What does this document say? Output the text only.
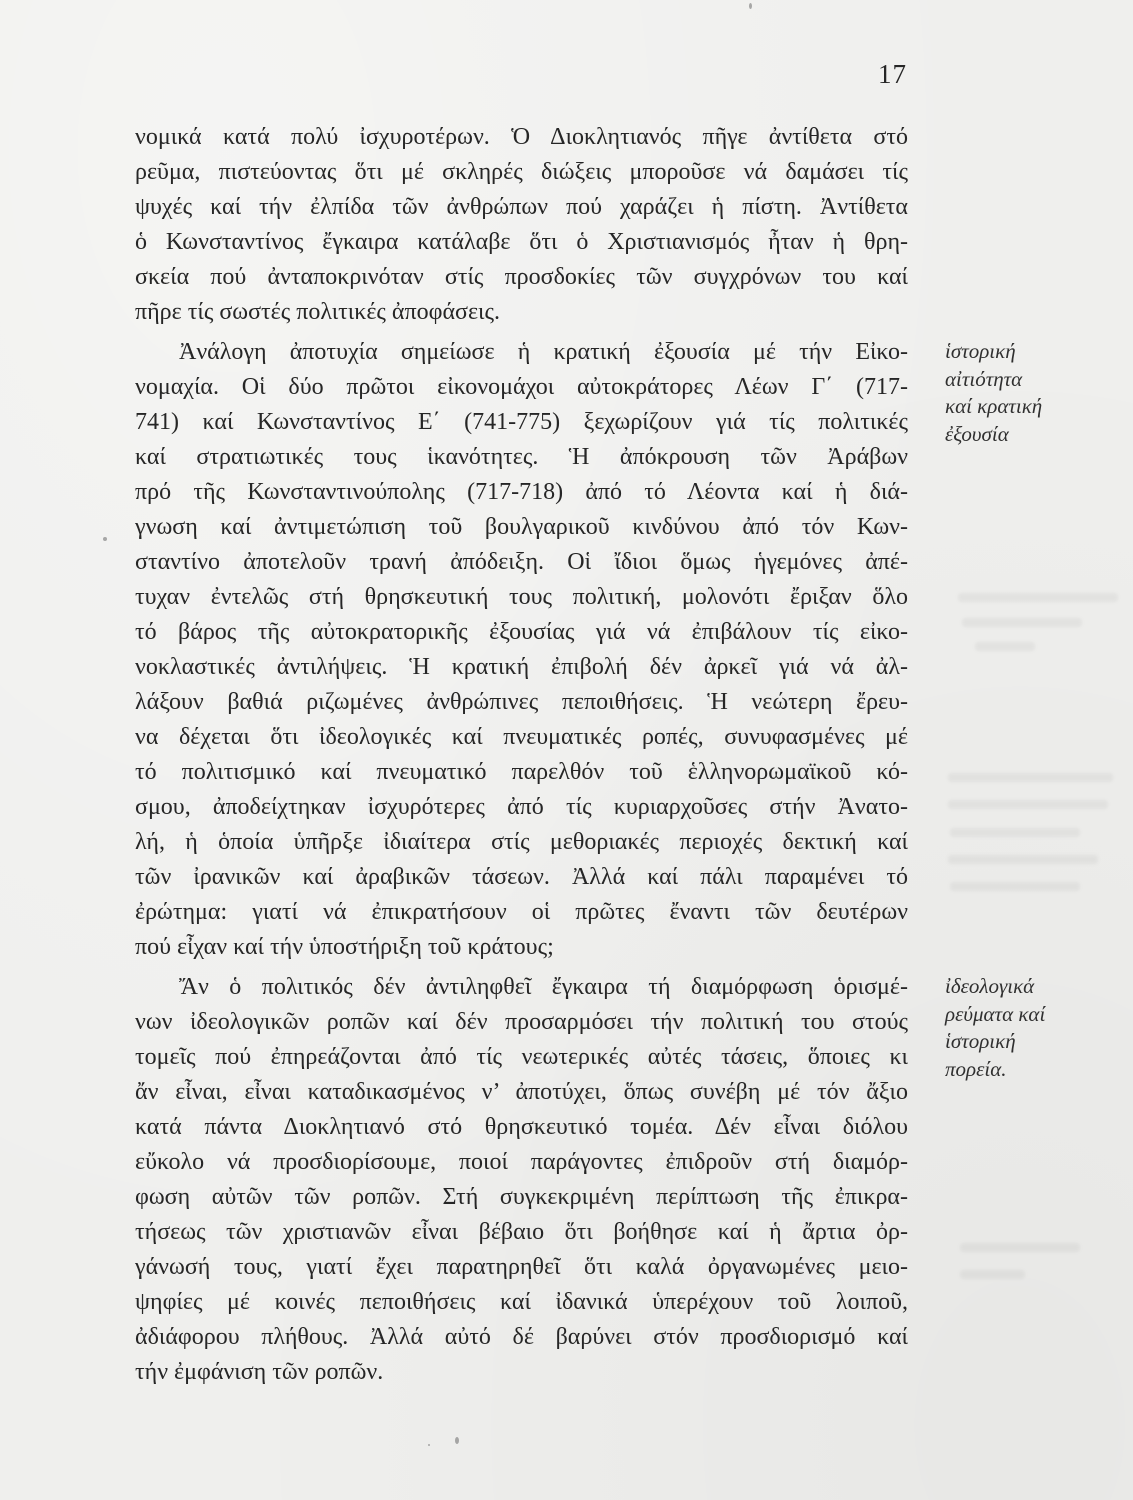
17
νομικά κατά πολύ ἰσχυροτέρων. Ὁ Διοκλητιανός πῆγε ἀντίθετα στό
ρεῦμα, πιστεύοντας ὅτι μέ σκληρές διώξεις μποροῦσε νά δαμάσει τίς
ψυχές καί τήν ἐλπίδα τῶν ἀνθρώπων πού χαράζει ἡ πίστη. Ἀντίθετα
ὁ Κωνσταντίνος ἔγκαιρα κατάλαβε ὅτι ὁ Χριστιανισμός ἦταν ἡ θρη-
σκεία πού ἀνταποκρινόταν στίς προσδοκίες τῶν συγχρόνων του καί
πῆρε τίς σωστές πολιτικές ἀποφάσεις.
Ἀνάλογη ἀποτυχία σημείωσε ἡ κρατική ἐξουσία μέ τήν Εἰκο-
νομαχία. Οἱ δύο πρῶτοι εἰκονομάχοι αὐτοκράτορες Λέων Γ΄ (717-
741) καί Κωνσταντίνος Ε΄ (741-775) ξεχωρίζουν γιά τίς πολιτικές
καί στρατιωτικές τους ἱκανότητες. Ἡ ἀπόκρουση τῶν Ἀράβων
πρό τῆς Κωνσταντινούπολης (717-718) ἀπό τό Λέοντα καί ἡ διά-
γνωση καί ἀντιμετώπιση τοῦ βουλγαρικοῦ κινδύνου ἀπό τόν Κων-
σταντίνο ἀποτελοῦν τρανή ἀπόδειξη. Οἱ ἴδιοι ὅμως ἡγεμόνες ἀπέ-
τυχαν ἐντελῶς στή θρησκευτική τους πολιτική, μολονότι ἔριξαν ὅλο
τό βάρος τῆς αὐτοκρατορικῆς ἐξουσίας γιά νά ἐπιβάλουν τίς εἰκο-
νοκλαστικές ἀντιλήψεις. Ἡ κρατική ἐπιβολή δέν ἀρκεῖ γιά νά ἀλ-
λάξουν βαθιά ριζωμένες ἀνθρώπινες πεποιθήσεις. Ἡ νεώτερη ἔρευ-
να δέχεται ὅτι ἰδεολογικές καί πνευματικές ροπές, συνυφασμένες μέ
τό πολιτισμικό καί πνευματικό παρελθόν τοῦ ἑλληνορωμαϊκοῦ κό-
σμου, ἀποδείχτηκαν ἰσχυρότερες ἀπό τίς κυριαρχοῦσες στήν Ἀνατο-
λή, ἡ ὁποία ὑπῆρξε ἰδιαίτερα στίς μεθοριακές περιοχές δεκτική καί
τῶν ἰρανικῶν καί ἀραβικῶν τάσεων. Ἀλλά καί πάλι παραμένει τό
ἐρώτημα: γιατί νά ἐπικρατήσουν οἱ πρῶτες ἔναντι τῶν δευτέρων
πού εἶχαν καί τήν ὑποστήριξη τοῦ κράτους;
Ἄν ὁ πολιτικός δέν ἀντιληφθεῖ ἔγκαιρα τή διαμόρφωση ὁρισμέ-
νων ἰδεολογικῶν ροπῶν καί δέν προσαρμόσει τήν πολιτική του στούς
τομεῖς πού ἐπηρεάζονται ἀπό τίς νεωτερικές αὐτές τάσεις, ὅποιες κι
ἄν εἶναι, εἶναι καταδικασμένος ν’ ἀποτύχει, ὅπως συνέβη μέ τόν ἄξιο
κατά πάντα Διοκλητιανό στό θρησκευτικό τομέα. Δέν εἶναι διόλου
εὔκολο νά προσδιορίσουμε, ποιοί παράγοντες ἐπιδροῦν στή διαμόρ-
φωση αὐτῶν τῶν ροπῶν. Στή συγκεκριμένη περίπτωση τῆς ἐπικρα-
τήσεως τῶν χριστιανῶν εἶναι βέβαιο ὅτι βοήθησε καί ἡ ἄρτια ὀρ-
γάνωσή τους, γιατί ἔχει παρατηρηθεῖ ὅτι καλά ὀργανωμένες μειο-
ψηφίες μέ κοινές πεποιθήσεις καί ἰδανικά ὑπερέχουν τοῦ λοιποῦ,
ἀδιάφορου πλήθους. Ἀλλά αὐτό δέ βαρύνει στόν προσδιορισμό καί
τήν ἐμφάνιση τῶν ροπῶν.
ἱστορική
αἰτιότητα
καί κρατική
ἐξουσία
ἰδεολογικά
ρεύματα καί
ἱστορική
πορεία.
